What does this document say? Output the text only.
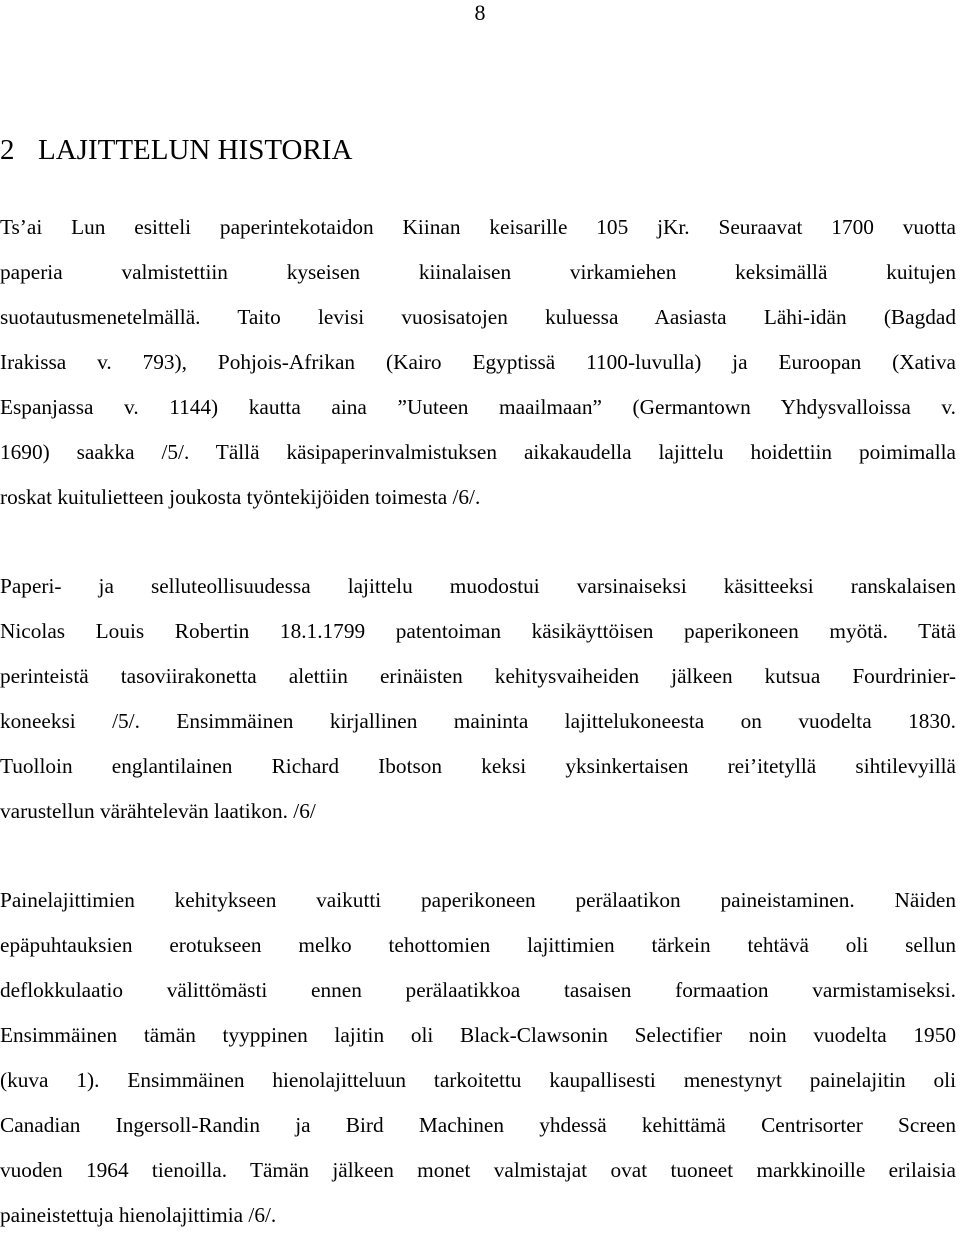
8
2 LAJITTELUN HISTORIA
Ts’ai Lun esitteli paperintekotaidon Kiinan keisarille 105 jKr. Seuraavat 1700 vuotta
paperia valmistettiin kyseisen kiinalaisen virkamiehen keksimällä kuitujen
suotautusmenetelmällä. Taito levisi vuosisatojen kuluessa Aasiasta Lähi-idän (Bagdad
Irakissa v. 793), Pohjois-Afrikan (Kairo Egyptissä 1100-luvulla) ja Euroopan (Xativa
Espanjassa v. 1144) kautta aina ”Uuteen maailmaan” (Germantown Yhdysvalloissa v.
1690) saakka /5/. Tällä käsipaperinvalmistuksen aikakaudella lajittelu hoidettiin poimimalla
roskat kuitulietteen joukosta työntekijöiden toimesta /6/.
Paperi- ja selluteollisuudessa lajittelu muodostui varsinaiseksi käsitteeksi ranskalaisen
Nicolas Louis Robertin 18.1.1799 patentoiman käsikäyttöisen paperikoneen myötä. Tätä
perinteistä tasoviirakonetta alettiin erinäisten kehitysvaiheiden jälkeen kutsua Fourdrinier-
koneeksi /5/. Ensimmäinen kirjallinen maininta lajittelukoneesta on vuodelta 1830.
Tuolloin englantilainen Richard Ibotson keksi yksinkertaisen rei’itetyllä sihtilevyillä
varustellun värähtelevän laatikon. /6/
Painelajittimien kehitykseen vaikutti paperikoneen perälaatikon paineistaminen. Näiden
epäpuhtauksien erotukseen melko tehottomien lajittimien tärkein tehtävä oli sellun
deflokkulaatio välittömästi ennen perälaatikkoa tasaisen formaation varmistamiseksi.
Ensimmäinen tämän tyyppinen lajitin oli Black-Clawsonin Selectifier noin vuodelta 1950
(kuva 1). Ensimmäinen hienolajitteluun tarkoitettu kaupallisesti menestynyt painelajitin oli
Canadian Ingersoll-Randin ja Bird Machinen yhdessä kehittämä Centrisorter Screen
vuoden 1964 tienoilla. Tämän jälkeen monet valmistajat ovat tuoneet markkinoille erilaisia
paineistettuja hienolajittimia /6/.
